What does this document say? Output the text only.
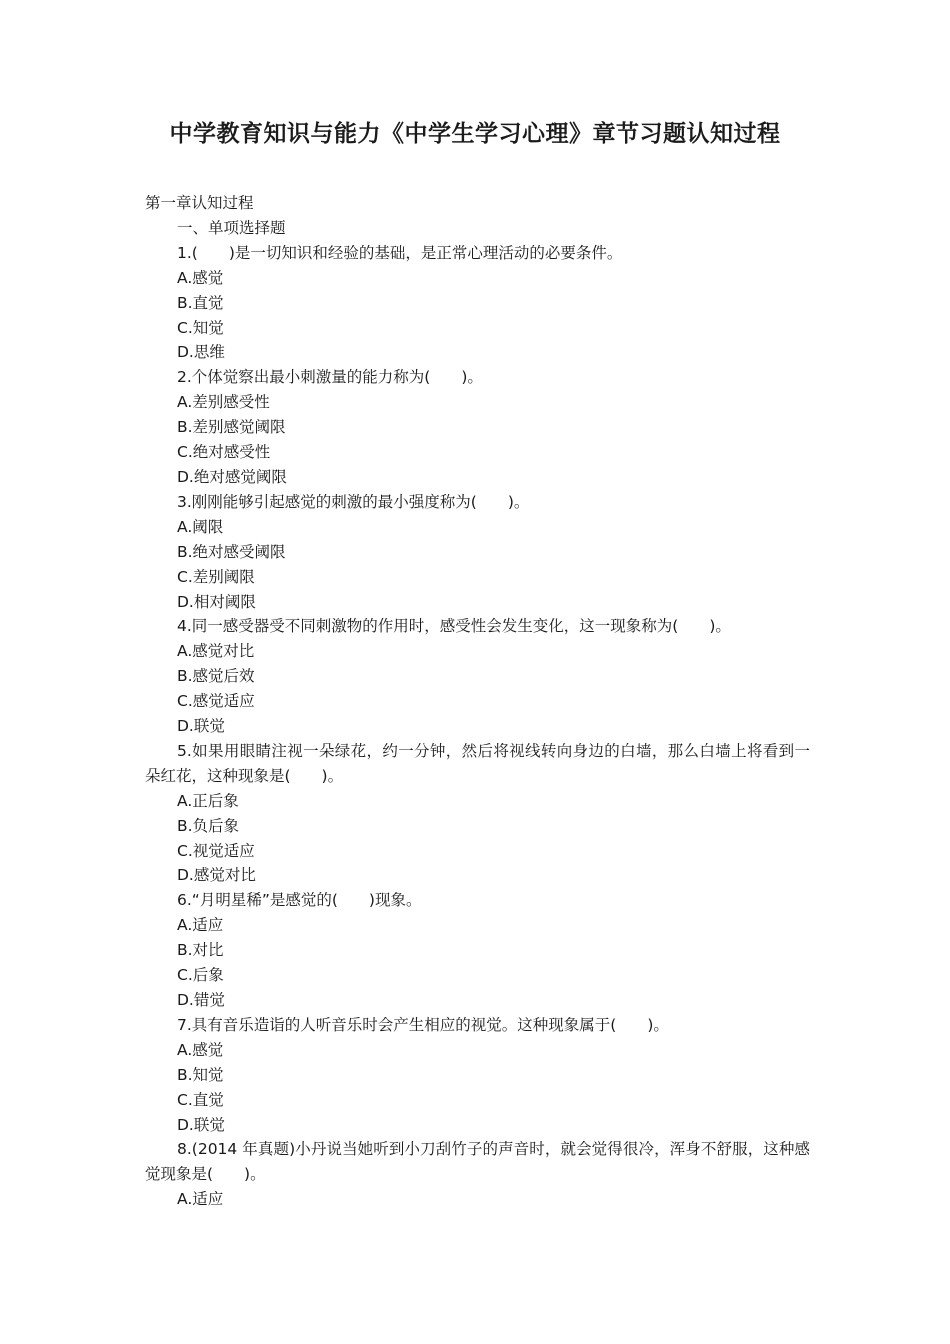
中学教育知识与能力《中学生学习心理》章节习题认知过程
第一章认知过程
一、单项选择题
1.(　　)是一切知识和经验的基础，是正常心理活动的必要条件。
A.感觉
B.直觉
C.知觉
D.思维
2.个体觉察出最小刺激量的能力称为(　　)。
A.差别感受性
B.差别感觉阈限
C.绝对感受性
D.绝对感觉阈限
3.刚刚能够引起感觉的刺激的最小强度称为(　　)。
A.阈限
B.绝对感受阈限
C.差别阈限
D.相对阈限
4.同一感受器受不同刺激物的作用时，感受性会发生变化，这一现象称为(　　)。
A.感觉对比
B.感觉后效
C.感觉适应
D.联觉
5.如果用眼睛注视一朵绿花，约一分钟，然后将视线转向身边的白墙，那么白墙上将看到一朵红花，这种现象是(　　)。
A.正后象
B.负后象
C.视觉适应
D.感觉对比
6.“月明星稀”是感觉的(　　)现象。
A.适应
B.对比
C.后象
D.错觉
7.具有音乐造诣的人听音乐时会产生相应的视觉。这种现象属于(　　)。
A.感觉
B.知觉
C.直觉
D.联觉
8.(2014 年真题)小丹说当她听到小刀刮竹子的声音时，就会觉得很冷，浑身不舒服，这种感觉现象是(　　)。
A.适应
